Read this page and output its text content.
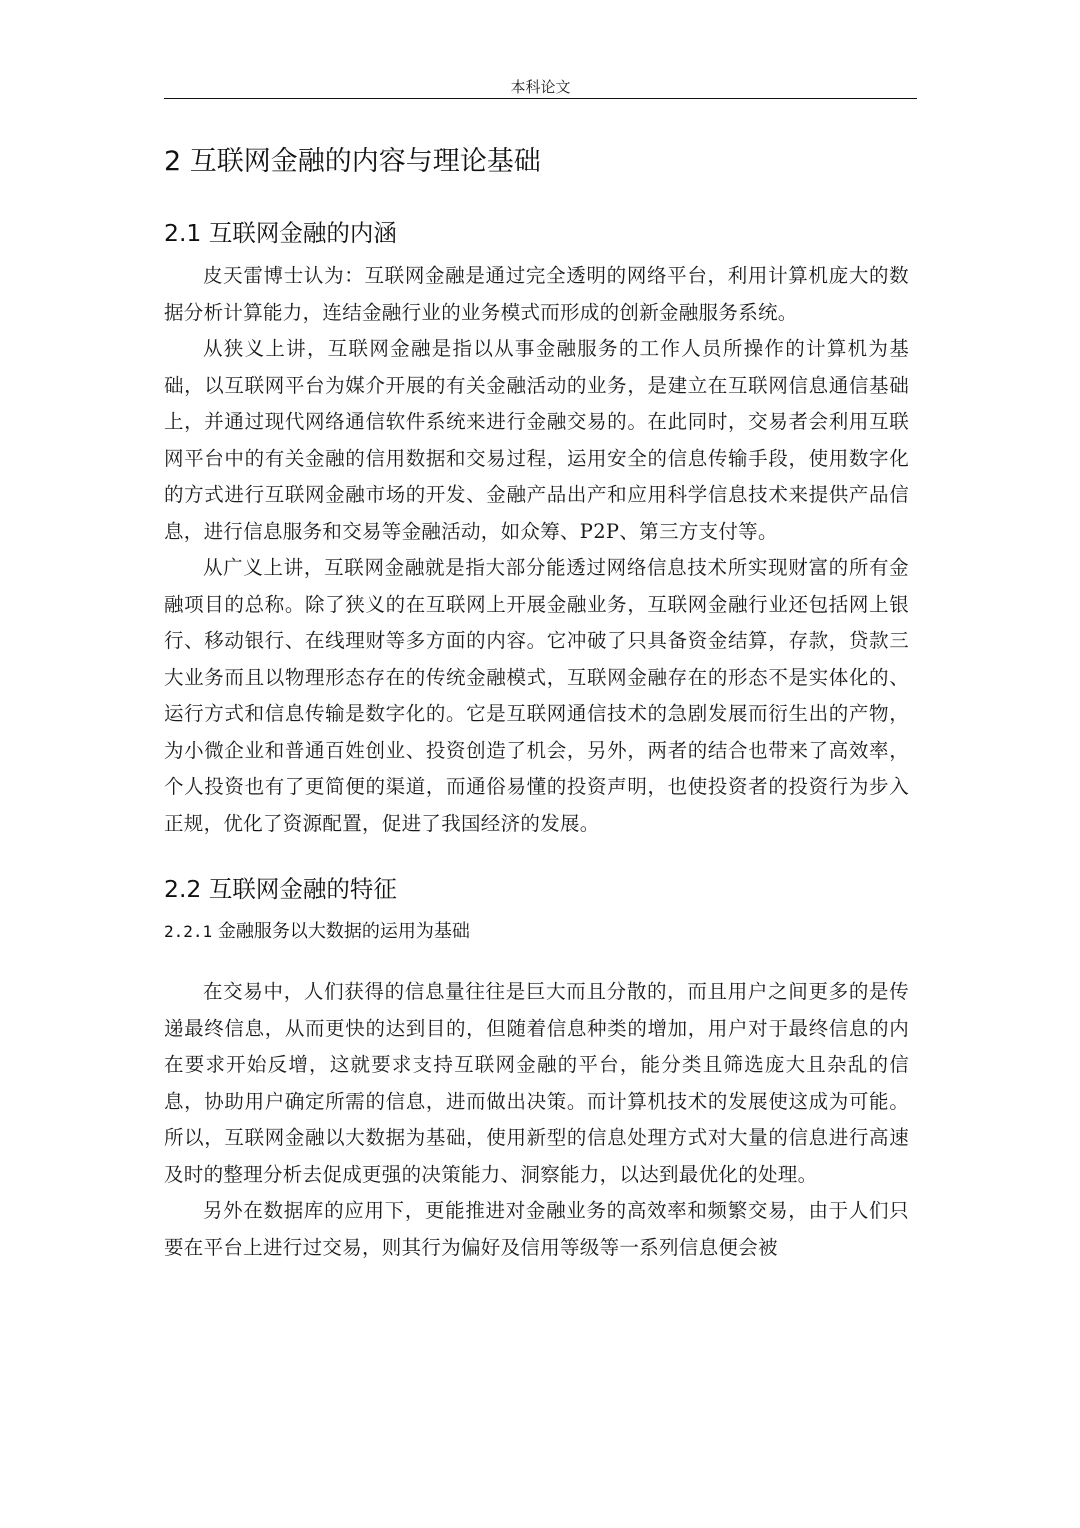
本科论文
2 互联网金融的内容与理论基础
2.1 互联网金融的内涵

皮天雷博士认为：互联网金融是通过完全透明的网络平台，利用计算机庞大的数据分析计算能力，连结金融行业的业务模式而形成的创新金融服务系统。

从狭义上讲，互联网金融是指以从事金融服务的工作人员所操作的计算机为基础，以互联网平台为媒介开展的有关金融活动的业务，是建立在互联网信息通信基础上，并通过现代网络通信软件系统来进行金融交易的。在此同时，交易者会利用互联网平台中的有关金融的信用数据和交易过程，运用安全的信息传输手段，使用数字化的方式进行互联网金融市场的开发、金融产品出产和应用科学信息技术来提供产品信息，进行信息服务和交易等金融活动，如众筹、P2P、第三方支付等。

从广义上讲，互联网金融就是指大部分能透过网络信息技术所实现财富的所有金融项目的总称。除了狭义的在互联网上开展金融业务，互联网金融行业还包括网上银行、移动银行、在线理财等多方面的内容。它冲破了只具备资金结算，存款，贷款三大业务而且以物理形态存在的传统金融模式，互联网金融存在的形态不是实体化的、运行方式和信息传输是数字化的。它是互联网通信技术的急剧发展而衍生出的产物，为小微企业和普通百姓创业、投资创造了机会，另外，两者的结合也带来了高效率，个人投资也有了更简便的渠道，而通俗易懂的投资声明，也使投资者的投资行为步入正规，优化了资源配置，促进了我国经济的发展。

2.2 互联网金融的特征
2.2.1 金融服务以大数据的运用为基础

在交易中，人们获得的信息量往往是巨大而且分散的，而且用户之间更多的是传递最终信息，从而更快的达到目的，但随着信息种类的增加，用户对于最终信息的内在要求开始反增，这就要求支持互联网金融的平台，能分类且筛选庞大且杂乱的信息，协助用户确定所需的信息，进而做出决策。而计算机技术的发展使这成为可能。所以，互联网金融以大数据为基础，使用新型的信息处理方式对大量的信息进行高速及时的整理分析去促成更强的决策能力、洞察能力，以达到最优化的处理。

另外在数据库的应用下，更能推进对金融业务的高效率和频繁交易，由于人们只要在平台上进行过交易，则其行为偏好及信用等级等一系列信息便会被
